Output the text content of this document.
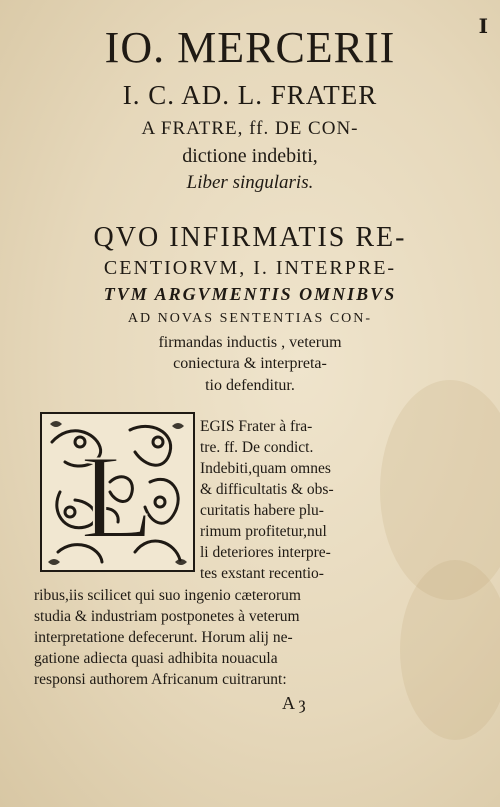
I
IO. MERCERII
I. C. AD. L. FRATER
A FRATRE, ff. DE CON-
dictione indebiti,
Liber singularis.
QVO INFIRMATIS RE-
CENTIORVM, I. INTERPRE-
TVM ARGVMENTIS OMNIBVS
AD NOVAS SENTENTIAS CON-
firmandas inductis , veterum
coniectura & interpreta-
tio defenditur.
L
EGIS Frater à fra-
tre. ff. De condict.
Indebiti,quam omnes
& difficultatis & obs-
curitatis habere plu-
rimum profitetur,nul
li deteriores interpre-
tes exstant recentio-
ribus,iis scilicet qui suo ingenio cæterorum
studia & industriam postponetes à veterum
interpretatione defecerunt. Horum alij ne-
gatione adiecta quasi adhibita nouacula
responsi authorem Africanum cuitrarunt:
A ȝ
